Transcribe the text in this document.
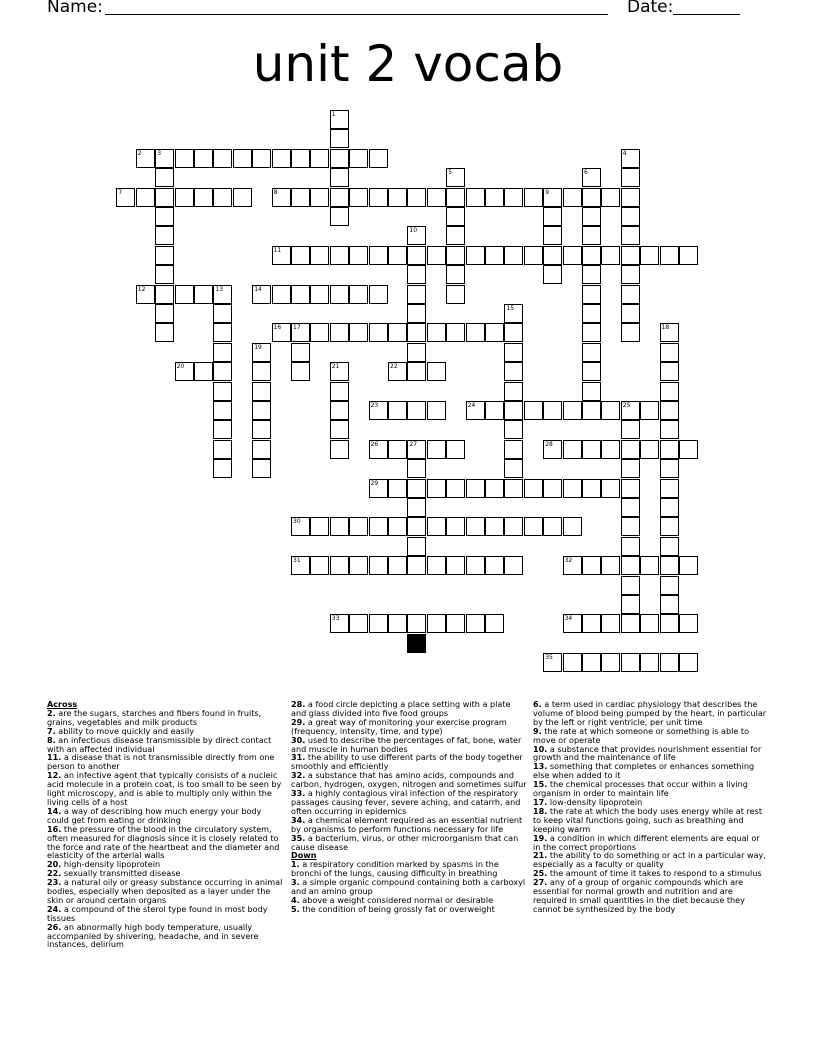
Name:	Date:
unit 2 vocab
1
2	3	4
5	6
7	8	9
10
11
12	13	14
15
16 17	18
19
20	21	22
23	24	25
26	27	28
29
30
31	32
33	34
35
Across
2. are the sugars, starches and fibers found in fruits, grains, vegetables and milk products
7. ability to move quickly and easily
8. an infectious disease transmissible by direct contact with an affected individual
11. a disease that is not transmissible directly from one person to another
12. an infective agent that typically consists of a nucleic acid molecule in a protein coat, is too small to be seen by light microscopy, and is able to multiply only within the living cells of a host
14. a way of describing how much energy your body could get from eating or drinking
16. the pressure of the blood in the circulatory system, often measured for diagnosis since it is closely related to the force and rate of the heartbeat and the diameter and elasticity of the arterial walls
20. high-density lipoprotein
22. sexually transmitted disease
23. a natural oily or greasy substance occurring in animal bodies, especially when deposited as a layer under the skin or around certain organs
24. a compound of the sterol type found in most body tissues
26. an abnormally high body temperature, usually accompanied by shivering, headache, and in severe instances, delirium
28. a food circle depicting a place setting with a plate and glass divided into five food groups
29. a great way of monitoring your exercise program (frequency, intensity, time, and type)
30. used to describe the percentages of fat, bone, water and muscle in human bodies
31. the ability to use different parts of the body together smoothly and efficiently
32. a substance that has amino acids, compounds and carbon, hydrogen, oxygen, nitrogen and sometimes sulfur
33. a highly contagious viral infection of the respiratory passages causing fever, severe aching, and catarrh, and often occurring in epidemics
34. a chemical element required as an essential nutrient by organisms to perform functions necessary for life
35. a bacterium, virus, or other microorganism that can cause disease
Down
1. a respiratory condition marked by spasms in the bronchi of the lungs, causing difficulty in breathing
3. a simple organic compound containing both a carboxyl and an amino group
4. above a weight considered normal or desirable
5. the condition of being grossly fat or overweight
6. a term used in cardiac physiology that describes the volume of blood being pumped by the heart, in particular by the left or right ventricle, per unit time
9. the rate at which someone or something is able to move or operate
10. a substance that provides nourishment essential for growth and the maintenance of life
13. something that completes or enhances something else when added to it
15. the chemical processes that occur within a living organism in order to maintain life
17. low-density lipoprotein
18. the rate at which the body uses energy while at rest to keep vital functions going, such as breathing and keeping warm
19. a condition in which different elements are equal or in the correct proportions
21. the ability to do something or act in a particular way, especially as a faculty or quality
25. the amount of time it takes to respond to a stimulus
27. any of a group of organic compounds which are essential for normal growth and nutrition and are required in small quantities in the diet because they cannot be synthesized by the body
